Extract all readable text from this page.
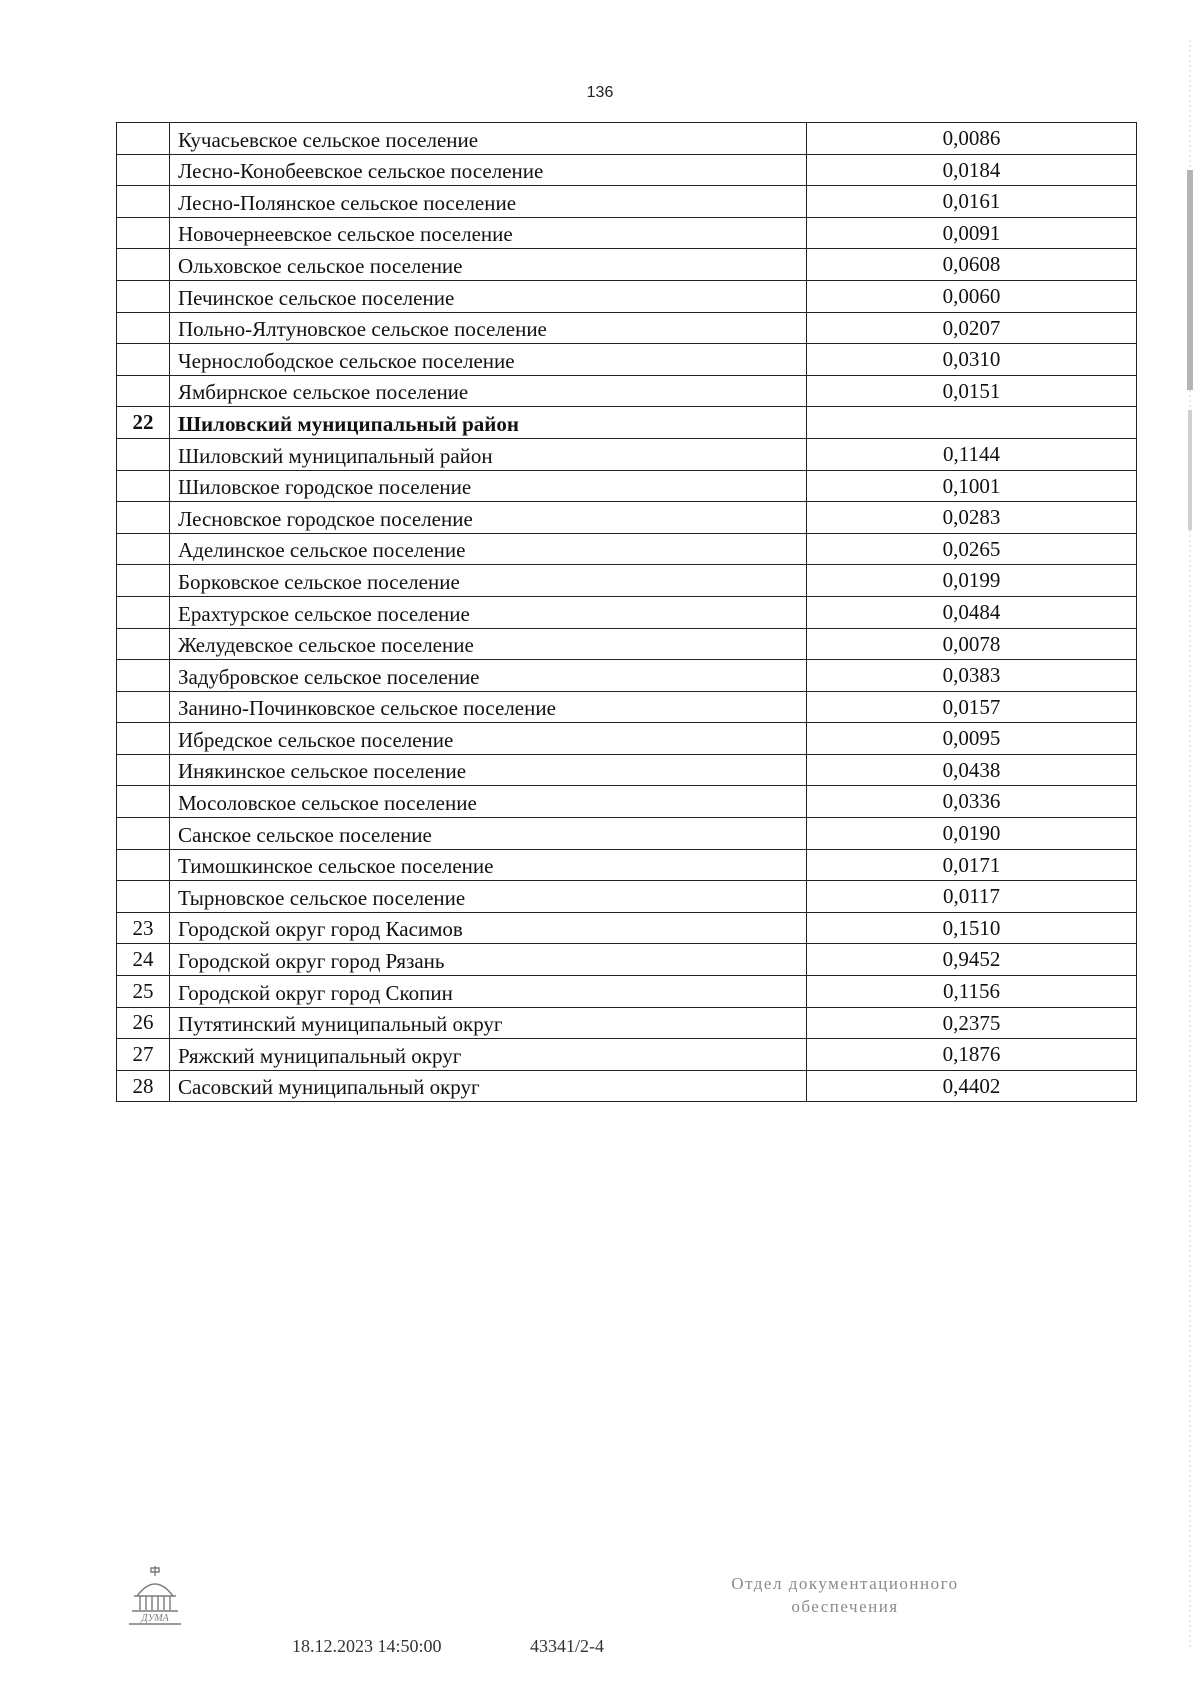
136
	Кучасьевское сельское поселение	0,0086
	Лесно-Конобеевское сельское поселение	0,0184
	Лесно-Полянское сельское поселение	0,0161
	Новочернеевское сельское поселение	0,0091
	Ольховское сельское поселение	0,0608
	Печинское сельское поселение	0,0060
	Польно-Ялтуновское сельское поселение	0,0207
	Чернослободское сельское поселение	0,0310
	Ямбирнское сельское поселение	0,0151
22	Шиловский муниципальный район	
	Шиловский муниципальный район	0,1144
	Шиловское городское поселение	0,1001
	Лесновское городское поселение	0,0283
	Аделинское сельское поселение	0,0265
	Борковское сельское поселение	0,0199
	Ерахтурское сельское поселение	0,0484
	Желудевское сельское поселение	0,0078
	Задубровское сельское поселение	0,0383
	Занино-Починковское сельское поселение	0,0157
	Ибредское сельское поселение	0,0095
	Инякинское сельское поселение	0,0438
	Мосоловское сельское поселение	0,0336
	Санское сельское поселение	0,0190
	Тимошкинское сельское поселение	0,0171
	Тырновское сельское поселение	0,0117
23	Городской округ город Касимов	0,1510
24	Городской округ город Рязань	0,9452
25	Городской округ город Скопин	0,1156
26	Путятинский муниципальный округ	0,2375
27	Ряжский муниципальный округ	0,1876
28	Сасовский муниципальный округ	0,4402
ДУМА
18.12.2023 14:50:00	43341/2-4
Отдел документационного
обеспечения
